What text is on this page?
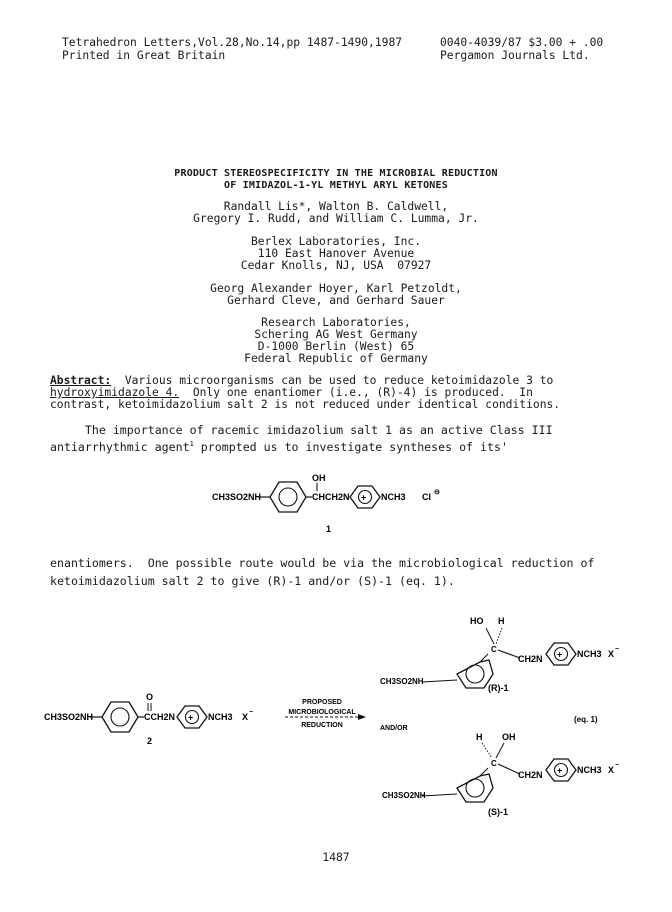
Tetrahedron Letters,Vol.28,No.14,pp 1487-1490,1987
Printed in Great Britain
0040-4039/87 $3.00 + .00
Pergamon Journals Ltd.
PRODUCT STEREOSPECIFICITY IN THE MICROBIAL REDUCTION
OF IMIDAZOL-1-YL METHYL ARYL KETONES
Randall Lis*, Walton B. Caldwell,
Gregory I. Rudd, and William C. Lumma, Jr.
Berlex Laboratories, Inc.
110 East Hanover Avenue
Cedar Knolls, NJ, USA  07927
Georg Alexander Hoyer, Karl Petzoldt,
Gerhard Cleve, and Gerhard Sauer
Research Laboratories,
Schering AG West Germany
D-1000 Berlin (West) 65
Federal Republic of Germany
Abstract:  Various microorganisms can be used to reduce ketoimidazole 3 to
hydroxyimidazole 4.  Only one enantiomer (i.e., (R)-4) is produced.  In
contrast, ketoimidazolium salt 2 is not reduced under identical conditions.
The importance of racemic imidazolium salt 1 as an active Class III
antiarrhythmic agent$^1$ prompted us to investigate syntheses of its'
CH3SO2NH	CHCH2N
OH
+ NCH3 Cl ⊖
1
enantiomers.  One possible route would be via the microbiological reduction of
ketoimidazolium salt 2 to give (R)-1 and/or (S)-1 (eq. 1).
CH3SO2NH	CCH2N
O
+ NCH3 X −
2
PROPOSED
MICROBIOLOGICAL
REDUCTION	AND/OR
(eq. 1)
HO H
C
CH2N + NCH3 X −
CH3SO2NH
(R)-1
H OH
C
CH2N + NCH3 X −
CH3SO2NH
(S)-1
1487
